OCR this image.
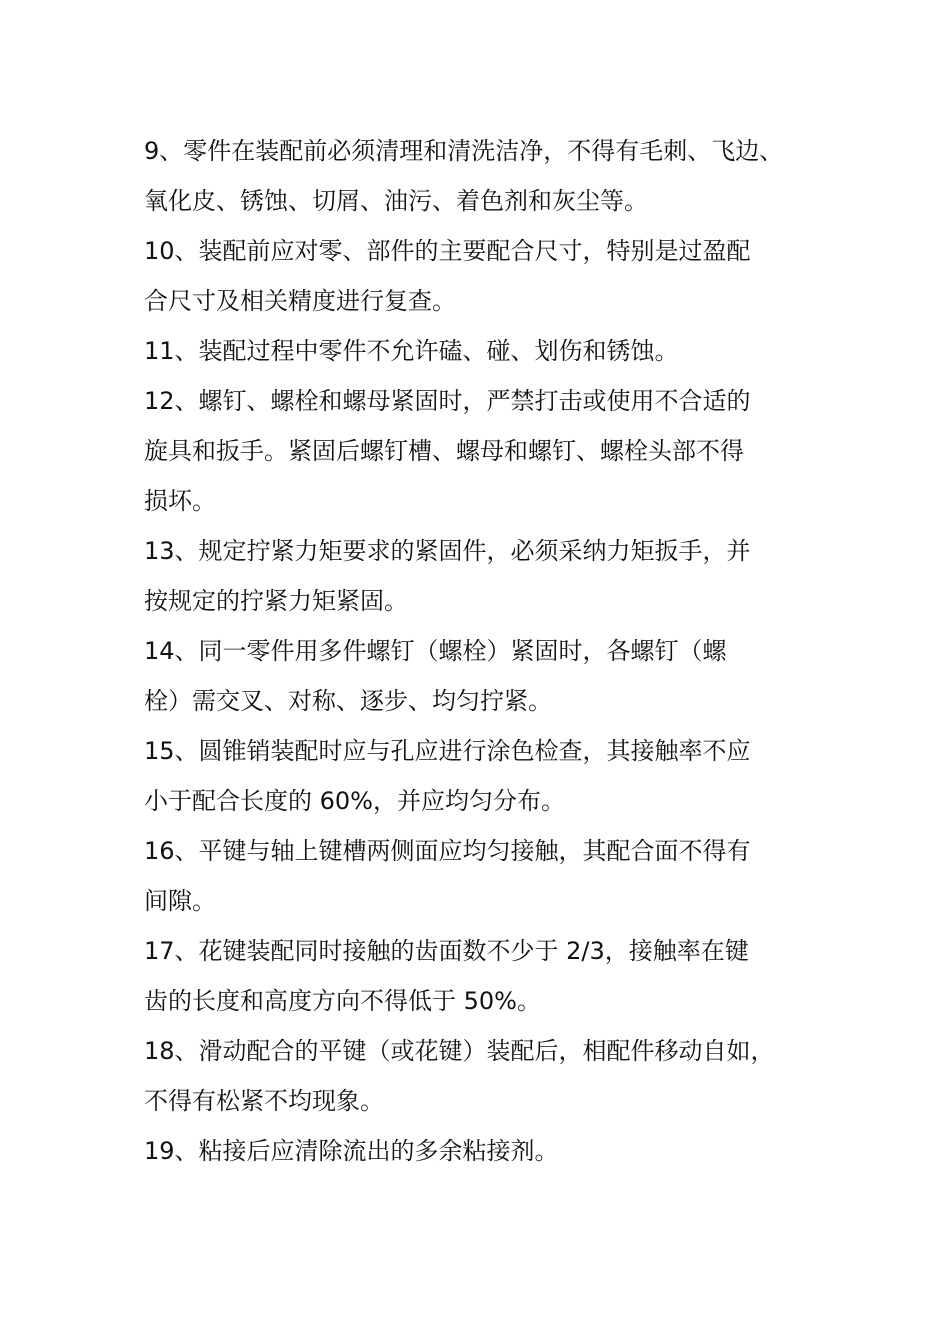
9、零件在装配前必须清理和清洗洁净，不得有毛刺、飞边、
氧化皮、锈蚀、切屑、油污、着色剂和灰尘等。
10、装配前应对零、部件的主要配合尺寸，特别是过盈配
合尺寸及相关精度进行复查。
11、装配过程中零件不允许磕、碰、划伤和锈蚀。
12、螺钉、螺栓和螺母紧固时，严禁打击或使用不合适的
旋具和扳手。紧固后螺钉槽、螺母和螺钉、螺栓头部不得
损坏。
13、规定拧紧力矩要求的紧固件，必须采纳力矩扳手，并
按规定的拧紧力矩紧固。
14、同一零件用多件螺钉（螺栓）紧固时，各螺钉（螺
栓）需交叉、对称、逐步、均匀拧紧。
15、圆锥销装配时应与孔应进行涂色检查，其接触率不应
小于配合长度的 60%，并应均匀分布。
16、平键与轴上键槽两侧面应均匀接触，其配合面不得有
间隙。
17、花键装配同时接触的齿面数不少于 2/3，接触率在键
齿的长度和高度方向不得低于 50%。
18、滑动配合的平键（或花键）装配后，相配件移动自如，
不得有松紧不均现象。
19、粘接后应清除流出的多余粘接剂。
